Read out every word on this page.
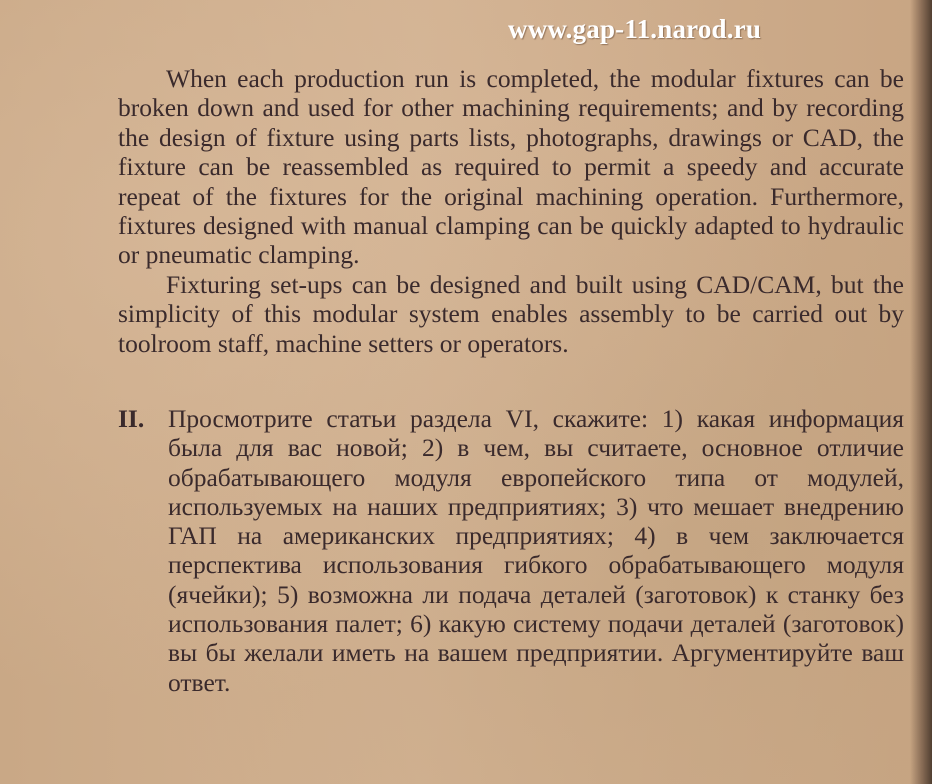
www.gap-11.narod.ru

When each production run is completed, the modular fixtures can be broken down and used for other machining requirements; and by recording the design of fixture using parts lists, photographs, drawings or CAD, the fixture can be reassembled as required to permit a speedy and accurate repeat of the fixtures for the original machining operation. Furthermore, fixtures designed with manual clamping can be quickly adapted to hydraulic or pneumatic clamping.

Fixturing set-ups can be designed and built using CAD/CAM, but the simplicity of this modular system enables assembly to be carried out by toolroom staff, machine setters or operators.

II. Просмотрите статьи раздела VI, скажите: 1) какая информация была для вас новой; 2) в чем, вы считаете, основное отличие обрабатывающего модуля европейского типа от модулей, используемых на наших предприятиях; 3) что мешает внедрению ГАП на американских предприятиях; 4) в чем заключается перспектива использования гибкого обрабатывающего модуля (ячейки); 5) возможна ли подача деталей (заготовок) к станку без использования палет; 6) какую систему подачи деталей (заготовок) вы бы желали иметь на вашем предприятии. Аргументируйте ваш ответ.
